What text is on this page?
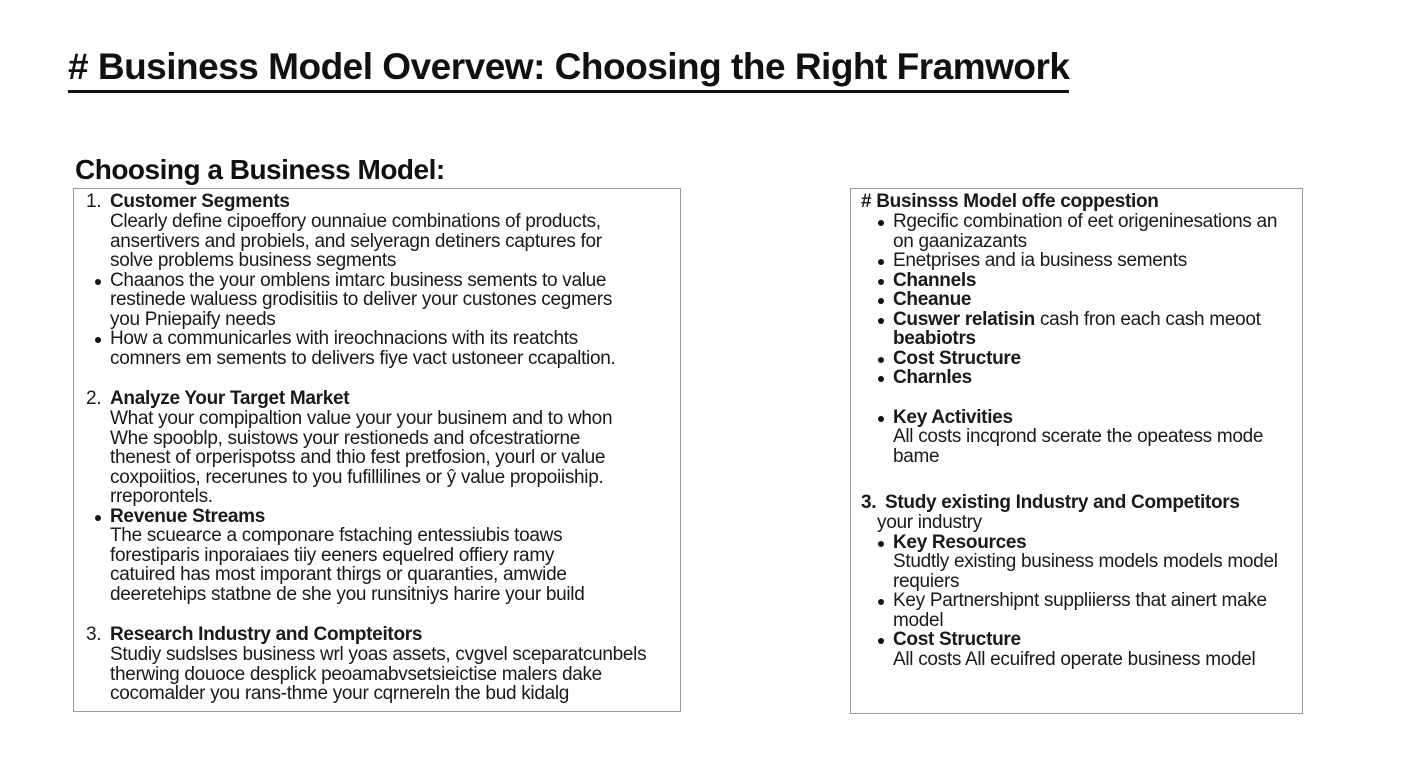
# Business Model Overvew: Choosing the Right Framwork
Choosing a Business Model:
1. Customer Segments
Clearly define cipoeffory ounnaiue combinations of products,
ansertivers and probiels, and selyeragn detiners captures for
solve problems business segments
Chaanos the your omblens imtarc business sements to value
restinede waluess grodisitiis to deliver your custones cegmers
you Pniepaify needs
How a communicarles with ireochnacions with its reatchts
comners em sements to delivers fiye vact ustoneer ccapaltion.
2. Analyze Your Target Market
What your compipaltion value your your businem and to whon
Whe spooblp, suistows your restioneds and ofcestratiorne
thenest of orperispotss and thio fest pretfosion, yourl or value
coxpoiitios, recerunes to you fufillilines or ŷ value propoiiship.
rreporontels.
Revenue Streams
The scuearce a componare fstaching entessiubis toaws
forestiparis inporaiaes tiiy eeners equelred offiery ramy
catuired has most imporant thirgs or quaranties, amwide
deeretehips statbne de she you runsitniys harire your build
3. Research Industry and Compteitors
Studiy sudslses business wrl yoas assets, cvgvel sceparatcunbels
therwing douoce desplick peoamabvsetsieictise malers dake
cocomalder you rans-thme your cqrnereln the bud kidalg
# Businsss Model offe coppestion
Rgecific combination of eet origeninesations an
on gaanizazants
Enetprises and ia business sements
Channels
Cheanue
Cuswer relatisin cash fron each cash meoot
beabiotrs
Cost Structure
Charnles
Key Activities
All costs incqrond scerate the opeatess mode
bame
3. Study existing Industry and Competitors
your industry
Key Resources
Studtly existing business models models model
requiers
Key Partnershipnt suppliierss that ainert make
model
Cost Structure
All costs All ecuifred operate business model
